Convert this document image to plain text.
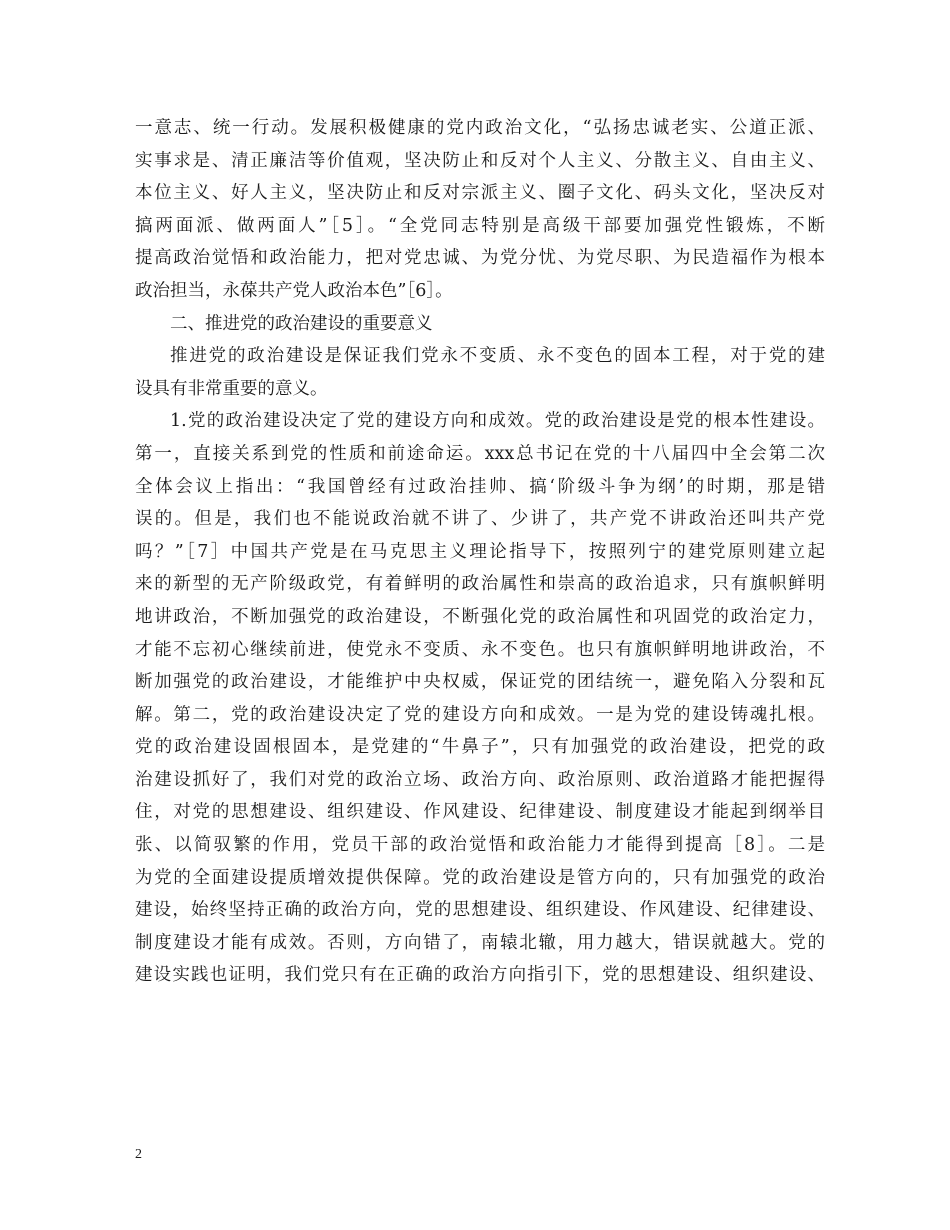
一意志、统一行动。发展积极健康的党内政治文化，“弘扬忠诚老实、公道正派、
实事求是、清正廉洁等价值观，坚决防止和反对个人主义、分散主义、自由主义、
本位主义、好人主义，坚决防止和反对宗派主义、圈子文化、码头文化，坚决反对
搞两面派、做两面人”［5］。“全党同志特别是高级干部要加强党性锻炼，不断
提高政治觉悟和政治能力，把对党忠诚、为党分忧、为党尽职、为民造福作为根本
政治担当，永葆共产党人政治本色”［6］。
二、推进党的政治建设的重要意义
推进党的政治建设是保证我们党永不变质、永不变色的固本工程，对于党的建
设具有非常重要的意义。
1.党的政治建设决定了党的建设方向和成效。党的政治建设是党的根本性建设。
第一，直接关系到党的性质和前途命运。xxx总书记在党的十八届四中全会第二次
全体会议上指出：“我国曾经有过政治挂帅、搞‘阶级斗争为纲’的时期，那是错
误的。但是，我们也不能说政治就不讲了、少讲了，共产党不讲政治还叫共产党
吗？”［7］中国共产党是在马克思主义理论指导下，按照列宁的建党原则建立起
来的新型的无产阶级政党，有着鲜明的政治属性和崇高的政治追求，只有旗帜鲜明
地讲政治，不断加强党的政治建设，不断强化党的政治属性和巩固党的政治定力，
才能不忘初心继续前进，使党永不变质、永不变色。也只有旗帜鲜明地讲政治，不
断加强党的政治建设，才能维护中央权威，保证党的团结统一，避免陷入分裂和瓦
解。第二，党的政治建设决定了党的建设方向和成效。一是为党的建设铸魂扎根。
党的政治建设固根固本，是党建的“牛鼻子”，只有加强党的政治建设，把党的政
治建设抓好了，我们对党的政治立场、政治方向、政治原则、政治道路才能把握得
住，对党的思想建设、组织建设、作风建设、纪律建设、制度建设才能起到纲举目
张、以简驭繁的作用，党员干部的政治觉悟和政治能力才能得到提高［8］。二是
为党的全面建设提质增效提供保障。党的政治建设是管方向的，只有加强党的政治
建设，始终坚持正确的政治方向，党的思想建设、组织建设、作风建设、纪律建设、
制度建设才能有成效。否则，方向错了，南辕北辙，用力越大，错误就越大。党的
建设实践也证明，我们党只有在正确的政治方向指引下，党的思想建设、组织建设、
2
